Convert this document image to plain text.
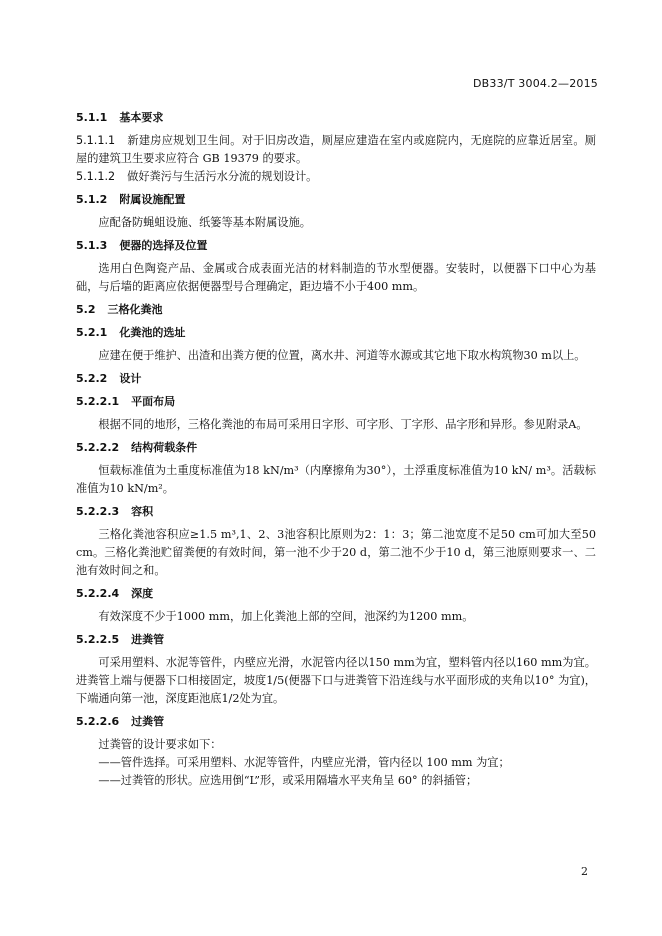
DB33/T 3004.2—2015
5.1.1 基本要求

5.1.1.1 新建房应规划卫生间。对于旧房改造，厕屋应建造在室内或庭院内，无庭院的应靠近居室。厕屋的建筑卫生要求应符合 GB 19379 的要求。

5.1.1.2 做好粪污与生活污水分流的规划设计。

5.1.2 附属设施配置

应配备防蝇蛆设施、纸篓等基本附属设施。

5.1.3 便器的选择及位置

选用白色陶瓷产品、金属或合成表面光洁的材料制造的节水型便器。安装时，以便器下口中心为基础，与后墙的距离应依据便器型号合理确定，距边墙不小于400 mm。

5.2 三格化粪池
5.2.1 化粪池的选址

应建在便于维护、出渣和出粪方便的位置，离水井、河道等水源或其它地下取水构筑物30 m以上。

5.2.2 设计
5.2.2.1 平面布局

根据不同的地形，三格化粪池的布局可采用日字形、可字形、丁字形、品字形和异形。参见附录A。

5.2.2.2 结构荷载条件

恒载标准值为土重度标准值为18 kN/m³（内摩擦角为30°），土浮重度标准值为10 kN/ m³。活载标准值为10 kN/m²。

5.2.2.3 容积

三格化粪池容积应≥1.5 m³,1、2、3池容积比原则为2：1：3；第二池宽度不足50 cm可加大至50 cm。三格化粪池贮留粪便的有效时间，第一池不少于20 d，第二池不少于10 d，第三池原则要求一、二池有效时间之和。

5.2.2.4 深度

有效深度不少于1000 mm，加上化粪池上部的空间，池深约为1200 mm。

5.2.2.5 进粪管

可采用塑料、水泥等管件，内壁应光滑，水泥管内径以150 mm为宜，塑料管内径以160 mm为宜。进粪管上端与便器下口相接固定，坡度1/5(便器下口与进粪管下沿连线与水平面形成的夹角以10° 为宜)，下端通向第一池，深度距池底1/2处为宜。

5.2.2.6 过粪管

过粪管的设计要求如下：

——管件选择。可采用塑料、水泥等管件，内壁应光滑，管内径以 100 mm 为宜；

——过粪管的形状。应选用倒“L”形，或采用隔墙水平夹角呈 60° 的斜插管；

2
